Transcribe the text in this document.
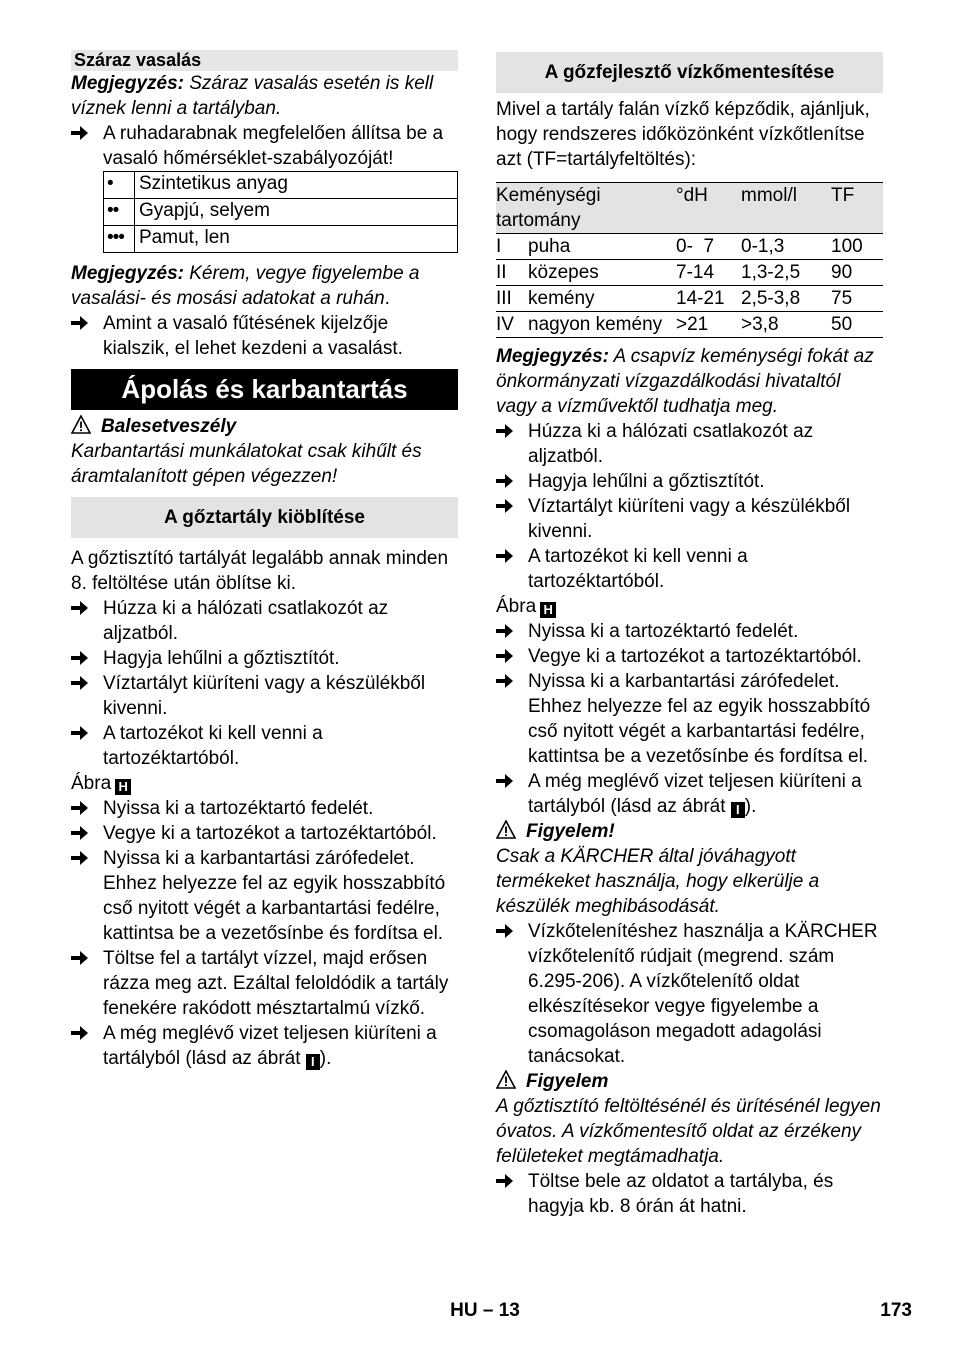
Száraz vasalás

Megjegyzés: Száraz vasalás esetén is kell víznek lenni a tartályban.

A ruhadarabnak megfelelően állítsa be a vasaló hőmérséklet-szabályozóját!
•	Szintetikus anyag
••	Gyapjú, selyem
•••	Pamut, len

Megjegyzés: Kérem, vegye figyelembe a vasalási- és mosási adatokat a ruhán.

Amint a vasaló fűtésének kijelzője kialszik, el lehet kezdeni a vasalást.
Ápolás és karbantartás

Balesetveszély

Karbantartási munkálatokat csak kihűlt és áramtalanított gépen végezzen!

A gőztartály kiöblítése

A gőztisztító tartályát legalább annak minden 8. feltöltése után öblítse ki.

Húzza ki a hálózati csatlakozót az aljzatból.
Hagyja lehűlni a gőztisztítót.
Víztartályt kiüríteni vagy a készülékből kivenni.
A tartozékot ki kell venni a tartozéktartóból.

Ábra H

Nyissa ki a tartozéktartó fedelét.
Vegye ki a tartozékot a tartozéktartóból.
Nyissa ki a karbantartási zárófedelet. Ehhez helyezze fel az egyik hosszabbító cső nyitott végét a karbantartási fedélre, kattintsa be a vezetősínbe és fordítsa el.
Töltse fel a tartályt vízzel, majd erősen rázza meg azt. Ezáltal feloldódik a tartály fenekére rakódott mésztartalmú vízkő.
A még meglévő vizet teljesen kiüríteni a tartályból (lásd az ábrát I ).
A gőzfejlesztő vízkőmentesítése

Mivel a tartály falán vízkő képződik, ajánljuk, hogy rendszeres időközönként vízkőtlenítse azt (TF=tartályfeltöltés):

Keménységi tartomány		°dH	mmol/l	TF
I	puha	0-  7	0-1,3	100
II	közepes	7-14	1,3-2,5	90
III	kemény	14-21	2,5-3,8	75
IV	nagyon kemény	>21	>3,8	50

Megjegyzés: A csapvíz keménységi fokát az önkormányzati vízgazdálkodási hivataltól vagy a vízművektől tudhatja meg.

Húzza ki a hálózati csatlakozót az aljzatból.
Hagyja lehűlni a gőztisztítót.
Víztartályt kiüríteni vagy a készülékből kivenni.
A tartozékot ki kell venni a tartozéktartóból.

Ábra H

Nyissa ki a tartozéktartó fedelét.
Vegye ki a tartozékot a tartozéktartóból.
Nyissa ki a karbantartási zárófedelet. Ehhez helyezze fel az egyik hosszabbító cső nyitott végét a karbantartási fedélre, kattintsa be a vezetősínbe és fordítsa el.
A még meglévő vizet teljesen kiüríteni a tartályból (lásd az ábrát I ).

Figyelem!

Csak a KÄRCHER által jóváhagyott termékeket használja, hogy elkerülje a készülék meghibásodását.

Vízkőtelenítéshez használja a KÄRCHER vízkőtelenítő rúdjait (megrend. szám 6.295-206). A vízkőtelenítő oldat elkészítésekor vegye figyelembe a csomagoláson megadott adagolási tanácsokat.

Figyelem

A gőztisztító feltöltésénél és ürítésénél legyen óvatos. A vízkőmentesítő oldat az érzékeny felületeket megtámadhatja.

Töltse bele az oldatot a tartályba, és hagyja kb. 8 órán át hatni.
HU – 13	173
